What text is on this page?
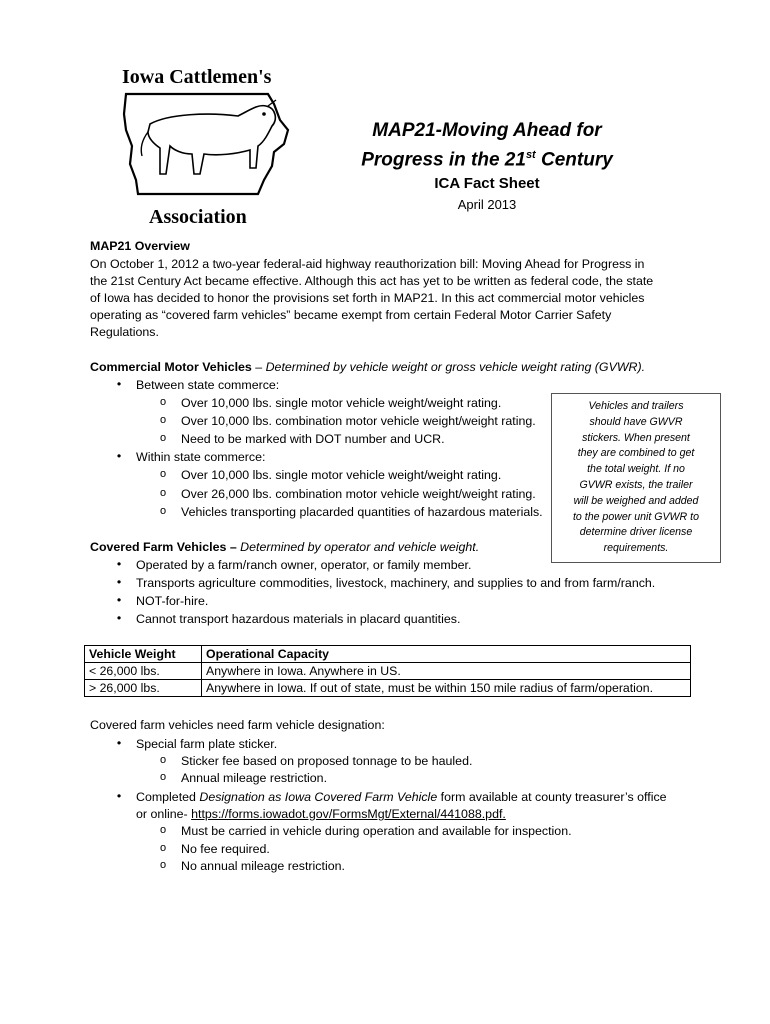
Iowa Cattlemen's
Association
MAP21-Moving Ahead for
Progress in the 21st Century
ICA Fact Sheet
April 2013
MAP21 Overview
On October 1, 2012 a two-year federal-aid highway reauthorization bill: Moving Ahead for Progress in
the 21st Century Act became effective. Although this act has yet to be written as federal code, the state
of Iowa has decided to honor the provisions set forth in MAP21. In this act commercial motor vehicles
operating as “covered farm vehicles” became exempt from certain Federal Motor Carrier Safety
Regulations.
Commercial Motor Vehicles – Determined by vehicle weight or gross vehicle weight rating (GVWR).
•	Between state commerce:
o	Over 10,000 lbs. single motor vehicle weight/weight rating.
o	Over 10,000 lbs. combination motor vehicle weight/weight rating.
o	Need to be marked with DOT number and UCR.
•	Within state commerce:
o	Over 10,000 lbs. single motor vehicle weight/weight rating.
o	Over 26,000 lbs. combination motor vehicle weight/weight rating.
o	Vehicles transporting placarded quantities of hazardous materials.
Vehicles and trailers
should have GWVR
stickers. When present
they are combined to get
the total weight. If no
GVWR exists, the trailer
will be weighed and added
to the power unit GVWR to
determine driver license
requirements.
Covered Farm Vehicles – Determined by operator and vehicle weight.
•	Operated by a farm/ranch owner, operator, or family member.
•	Transports agriculture commodities, livestock, machinery, and supplies to and from farm/ranch.
•	NOT-for-hire.
•	Cannot transport hazardous materials in placard quantities.
Vehicle Weight	Operational Capacity
< 26,000 lbs.	Anywhere in Iowa. Anywhere in US.
> 26,000 lbs.	Anywhere in Iowa. If out of state, must be within 150 mile radius of farm/operation.
Covered farm vehicles need farm vehicle designation:
•	Special farm plate sticker.
o	Sticker fee based on proposed tonnage to be hauled.
o	Annual mileage restriction.
•	Completed Designation as Iowa Covered Farm Vehicle form available at county treasurer’s office
or online- https://forms.iowadot.gov/FormsMgt/External/441088.pdf.
o	Must be carried in vehicle during operation and available for inspection.
o	No fee required.
o	No annual mileage restriction.
